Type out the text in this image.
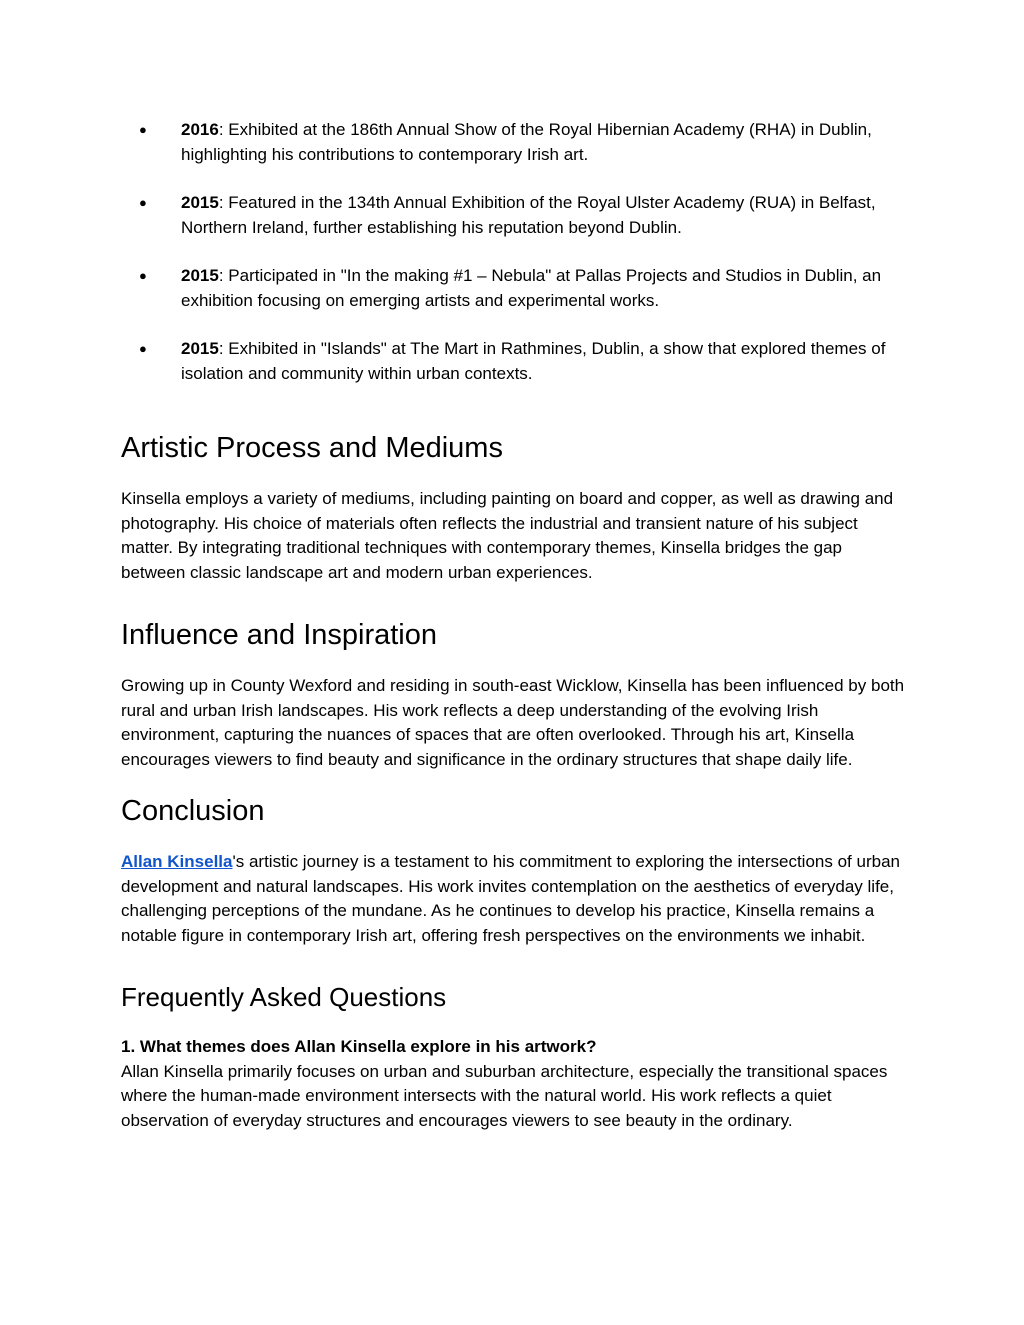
● 2016: Exhibited at the 186th Annual Show of the Royal Hibernian Academy (RHA) in Dublin, highlighting his contributions to contemporary Irish art.
● 2015: Featured in the 134th Annual Exhibition of the Royal Ulster Academy (RUA) in Belfast, Northern Ireland, further establishing his reputation beyond Dublin.
● 2015: Participated in "In the making #1 – Nebula" at Pallas Projects and Studios in Dublin, an exhibition focusing on emerging artists and experimental works.
● 2015: Exhibited in "Islands" at The Mart in Rathmines, Dublin, a show that explored themes of isolation and community within urban contexts.
Artistic Process and Mediums

Kinsella employs a variety of mediums, including painting on board and copper, as well as drawing and photography. His choice of materials often reflects the industrial and transient nature of his subject matter. By integrating traditional techniques with contemporary themes, Kinsella bridges the gap between classic landscape art and modern urban experiences.

Influence and Inspiration

Growing up in County Wexford and residing in south-east Wicklow, Kinsella has been influenced by both rural and urban Irish landscapes. His work reflects a deep understanding of the evolving Irish environment, capturing the nuances of spaces that are often overlooked. Through his art, Kinsella encourages viewers to find beauty and significance in the ordinary structures that shape daily life.

Conclusion

Allan Kinsella's artistic journey is a testament to his commitment to exploring the intersections of urban development and natural landscapes. His work invites contemplation on the aesthetics of everyday life, challenging perceptions of the mundane. As he continues to develop his practice, Kinsella remains a notable figure in contemporary Irish art, offering fresh perspectives on the environments we inhabit.

Frequently Asked Questions

1. What themes does Allan Kinsella explore in his artwork?
Allan Kinsella primarily focuses on urban and suburban architecture, especially the transitional spaces where the human-made environment intersects with the natural world. His work reflects a quiet observation of everyday structures and encourages viewers to see beauty in the ordinary.
